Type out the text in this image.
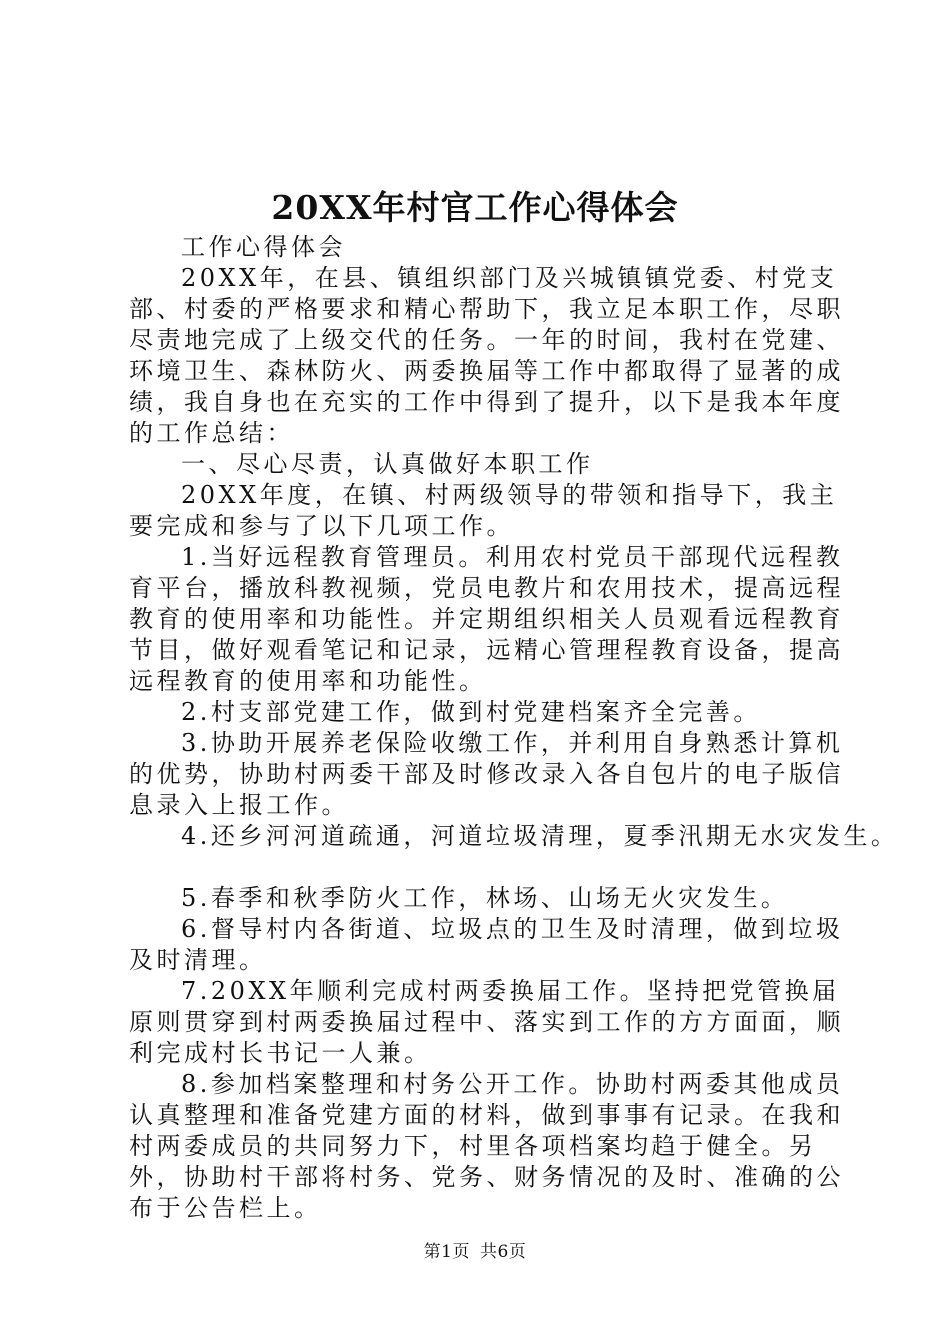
20XX年村官工作心得体会

工作心得体会

20XX年，在县、镇组织部门及兴城镇镇党委、村党支部、村委的严格要求和精心帮助下，我立足本职工作，尽职尽责地完成了上级交代的任务。一年的时间，我村在党建、环境卫生、森林防火、两委换届等工作中都取得了显著的成绩，我自身也在充实的工作中得到了提升，以下是我本年度的工作总结：

一、尽心尽责，认真做好本职工作

20XX年度，在镇、村两级领导的带领和指导下，我主要完成和参与了以下几项工作。

1.当好远程教育管理员。利用农村党员干部现代远程教育平台，播放科教视频，党员电教片和农用技术，提高远程教育的使用率和功能性。并定期组织相关人员观看远程教育节目，做好观看笔记和记录，远精心管理程教育设备，提高远程教育的使用率和功能性。

2.村支部党建工作，做到村党建档案齐全完善。

3.协助开展养老保险收缴工作，并利用自身熟悉计算机的优势，协助村两委干部及时修改录入各自包片的电子版信息录入上报工作。

4.还乡河河道疏通，河道垃圾清理，夏季汛期无水灾发生。

5.春季和秋季防火工作，林场、山场无火灾发生。

6.督导村内各街道、垃圾点的卫生及时清理，做到垃圾及时清理。

7.20XX年顺利完成村两委换届工作。坚持把党管换届原则贯穿到村两委换届过程中、落实到工作的方方面面，顺利完成村长书记一人兼。

8.参加档案整理和村务公开工作。协助村两委其他成员认真整理和准备党建方面的材料，做到事事有记录。在我和村两委成员的共同努力下，村里各项档案均趋于健全。另外，协助村干部将村务、党务、财务情况的及时、准确的公布于公告栏上。

第1页 共6页
